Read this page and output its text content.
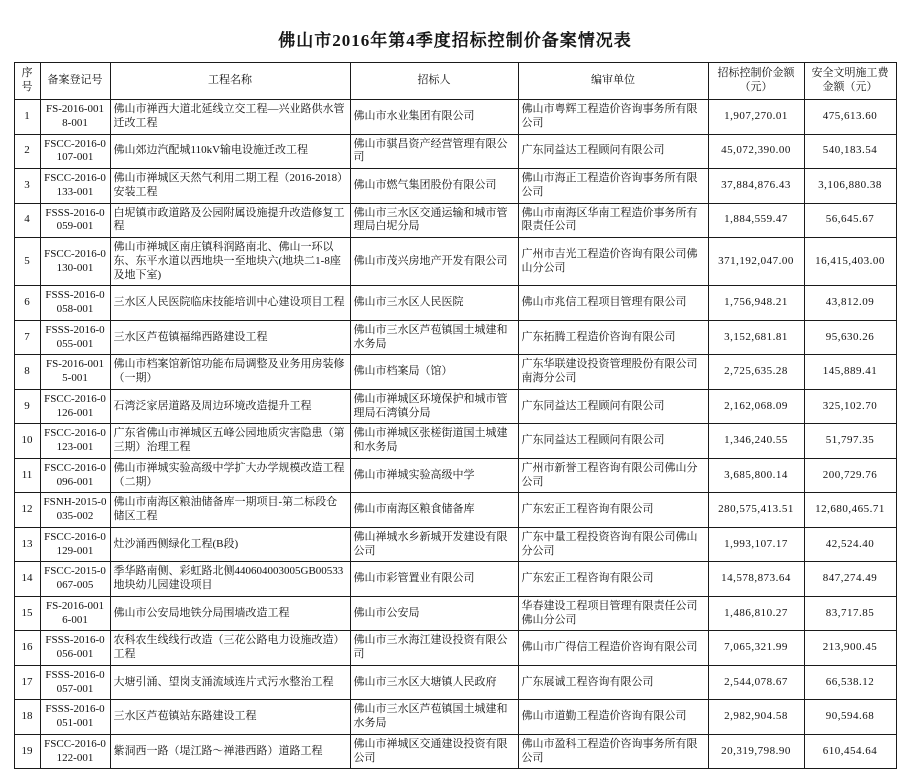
佛山市2016年第4季度招标控制价备案情况表
序号	备案登记号	工程名称	招标人	编审单位	招标控制价金额（元）	安全文明施工费金额（元）
1	FS-2016-0018-001	佛山市禅西大道北延线立交工程—兴业路供水管迁改工程	佛山市水业集团有限公司	佛山市粤辉工程造价咨询事务所有限公司	1,907,270.01	475,613.60
2	FSCC-2016-0107-001	佛山郊边汽配城110kV输电设施迁改工程	佛山市骐昌资产经营管理有限公司	广东同益达工程顾问有限公司	45,072,390.00	540,183.54
3	FSCC-2016-0133-001	佛山市禅城区天然气利用二期工程（2016-2018）安装工程	佛山市燃气集团股份有限公司	佛山市海正工程造价咨询事务所有限公司	37,884,876.43	3,106,880.38
4	FSSS-2016-0059-001	白坭镇市政道路及公园附属设施提升改造修复工程	佛山市三水区交通运输和城市管理局白坭分局	佛山市南海区华南工程造价事务所有限责任公司	1,884,559.47	56,645.67
5	FSCC-2016-0130-001	佛山市禅城区南庄镇科润路南北、佛山一环以东、东平水道以西地块一至地块六(地块二1-8座及地下室)	佛山市茂兴房地产开发有限公司	广州市吉光工程造价咨询有限公司佛山分公司	371,192,047.00	16,415,403.00
6	FSSS-2016-0058-001	三水区人民医院临床技能培训中心建设项目工程	佛山市三水区人民医院	佛山市兆信工程项目管理有限公司	1,756,948.21	43,812.09
7	FSSS-2016-0055-001	三水区芦苞镇福绵西路建设工程	佛山市三水区芦苞镇国土城建和水务局	广东拓腾工程造价咨询有限公司	3,152,681.81	95,630.26
8	FS-2016-0015-001	佛山市档案馆新馆功能布局调整及业务用房装修（一期）	佛山市档案局（馆）	广东华联建设投资管理股份有限公司南海分公司	2,725,635.28	145,889.41
9	FSCC-2016-0126-001	石湾泛家居道路及周边环境改造提升工程	佛山市禅城区环境保护和城市管理局石湾镇分局	广东同益达工程顾问有限公司	2,162,068.09	325,102.70
10	FSCC-2016-0123-001	广东省佛山市禅城区五峰公园地质灾害隐患（第三期）治理工程	佛山市禅城区张槎街道国土城建和水务局	广东同益达工程顾问有限公司	1,346,240.55	51,797.35
11	FSCC-2016-0096-001	佛山市禅城实验高级中学扩大办学规模改造工程（二期）	佛山市禅城实验高级中学	广州市新誉工程咨询有限公司佛山分公司	3,685,800.14	200,729.76
12	FSNH-2015-0035-002	佛山市南海区粮油储备库一期项目-第二标段仓储区工程	佛山市南海区粮食储备库	广东宏正工程咨询有限公司	280,575,413.51	12,680,465.71
13	FSCC-2016-0129-001	灶沙涌西侧绿化工程(B段)	佛山禅城水乡新城开发建设有限公司	广东中量工程投资咨询有限公司佛山分公司	1,993,107.17	42,524.40
14	FSCC-2015-0067-005	季华路南侧、彩虹路北侧440604003005GB00533地块幼儿园建设项目	佛山市彩管置业有限公司	广东宏正工程咨询有限公司	14,578,873.64	847,274.49
15	FS-2016-0016-001	佛山市公安局地铁分局围墙改造工程	佛山市公安局	华春建设工程项目管理有限责任公司佛山分公司	1,486,810.27	83,717.85
16	FSSS-2016-0056-001	农科农生线线行改造（三花公路电力设施改造）工程	佛山市三水海江建设投资有限公司	佛山市广得信工程造价咨询有限公司	7,065,321.99	213,900.45
17	FSSS-2016-0057-001	大塘引涌、望岗支涌流域连片式污水整治工程	佛山市三水区大塘镇人民政府	广东展诚工程咨询有限公司	2,544,078.67	66,538.12
18	FSSS-2016-0051-001	三水区芦苞镇站东路建设工程	佛山市三水区芦苞镇国土城建和水务局	佛山市道勤工程造价咨询有限公司	2,982,904.58	90,594.68
19	FSCC-2016-0122-001	紫洞西一路（堤江路～禅港西路）道路工程	佛山市禅城区交通建设投资有限公司	佛山市盈科工程造价咨询事务所有限公司	20,319,798.90	610,454.64
